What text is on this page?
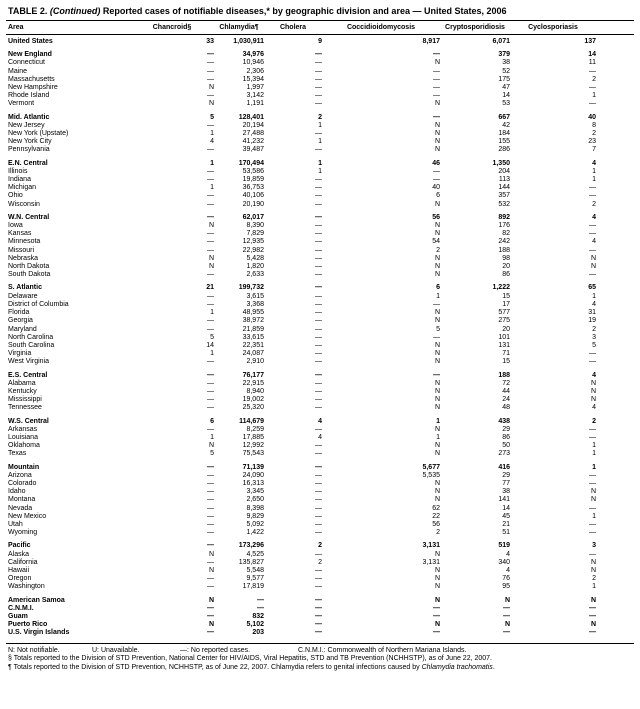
TABLE 2. (Continued) Reported cases of notifiable diseases,* by geographic division and area — United States, 2006
Area	Chancroid§	Chlamydia¶	Cholera	Coccidioidomycosis	Cryptosporidiosis	Cyclosporiasis
United States	33	1,030,911	9	8,917	6,071	137
New England	—	34,976	—	—	379	14
Connecticut	—	10,946	—	N	38	11
Maine	—	2,306	—	—	52	—
Massachusetts	—	15,394	—	—	175	2
New Hampshire	N	1,997	—	—	47	—
Rhode Island	—	3,142	—	—	14	1
Vermont	N	1,191	—	N	53	—
Mid. Atlantic	5	128,401	2	—	667	40
New Jersey	—	20,194	1	N	42	8
New York (Upstate)	1	27,488	—	N	184	2
New York City	4	41,232	1	N	155	23
Pennsylvania	—	39,487	—	N	286	7
E.N. Central	1	170,494	1	46	1,350	4
Illinois	—	53,586	1	—	204	1
Indiana	—	19,859	—	—	113	1
Michigan	1	36,753	—	40	144	—
Ohio	—	40,106	—	6	357	—
Wisconsin	—	20,190	—	N	532	2
W.N. Central	—	62,017	—	56	892	4
Iowa	N	8,390	—	N	176	—
Kansas	—	7,829	—	N	82	—
Minnesota	—	12,935	—	54	242	4
Missouri	—	22,982	—	2	188	—
Nebraska	N	5,428	—	N	98	N
North Dakota	N	1,820	—	N	20	N
South Dakota	—	2,633	—	N	86	—
S. Atlantic	21	199,732	—	6	1,222	65
Delaware	—	3,615	—	1	15	1
District of Columbia	—	3,368	—	—	17	4
Florida	1	48,955	—	N	577	31
Georgia	—	38,972	—	N	275	19
Maryland	—	21,859	—	5	20	2
North Carolina	5	33,615	—	—	101	3
South Carolina	14	22,351	—	N	131	5
Virginia	1	24,087	—	N	71	—
West Virginia	—	2,910	—	N	15	—
E.S. Central	—	76,177	—	—	188	4
Alabama	—	22,915	—	N	72	N
Kentucky	—	8,940	—	N	44	N
Mississippi	—	19,002	—	N	24	N
Tennessee	—	25,320	—	N	48	4
W.S. Central	6	114,679	4	1	438	2
Arkansas	—	8,259	—	N	29	—
Louisiana	1	17,885	4	1	86	—
Oklahoma	N	12,992	—	N	50	1
Texas	5	75,543	—	N	273	1
Mountain	—	71,139	—	5,677	416	1
Arizona	—	24,090	—	5,535	29	—
Colorado	—	16,313	—	N	77	—
Idaho	—	3,345	—	N	38	N
Montana	—	2,650	—	N	141	N
Nevada	—	8,398	—	62	14	—
New Mexico	—	9,829	—	22	45	1
Utah	—	5,092	—	56	21	—
Wyoming	—	1,422	—	2	51	—
Pacific	—	173,296	2	3,131	519	3
Alaska	N	4,525	—	N	4	—
California	—	135,827	2	3,131	340	N
Hawaii	N	5,548	—	N	4	N
Oregon	—	9,577	—	N	76	2
Washington	—	17,819	—	N	95	1
American Samoa	N	—	—	N	N	N
C.N.M.I.	—	—	—	—	—	—
Guam	—	832	—	—	—	—
Puerto Rico	N	5,102	—	N	N	N
U.S. Virgin Islands	—	203	—	—	—	—
N: Not notifiable.	U: Unavailable.	—: No reported cases.	C.N.M.I.: Commonwealth of Northern Mariana Islands.
§ Totals reported to the Division of STD Prevention, National Center for HIV/AIDS, Viral Hepatitis, STD and TB Prevention (NCHHSTP), as of June 22, 2007.
¶ Totals reported to the Division of STD Prevention, NCHHSTP, as of June 22, 2007. Chlamydia refers to genital infections caused by Chlamydia trachomatis.
